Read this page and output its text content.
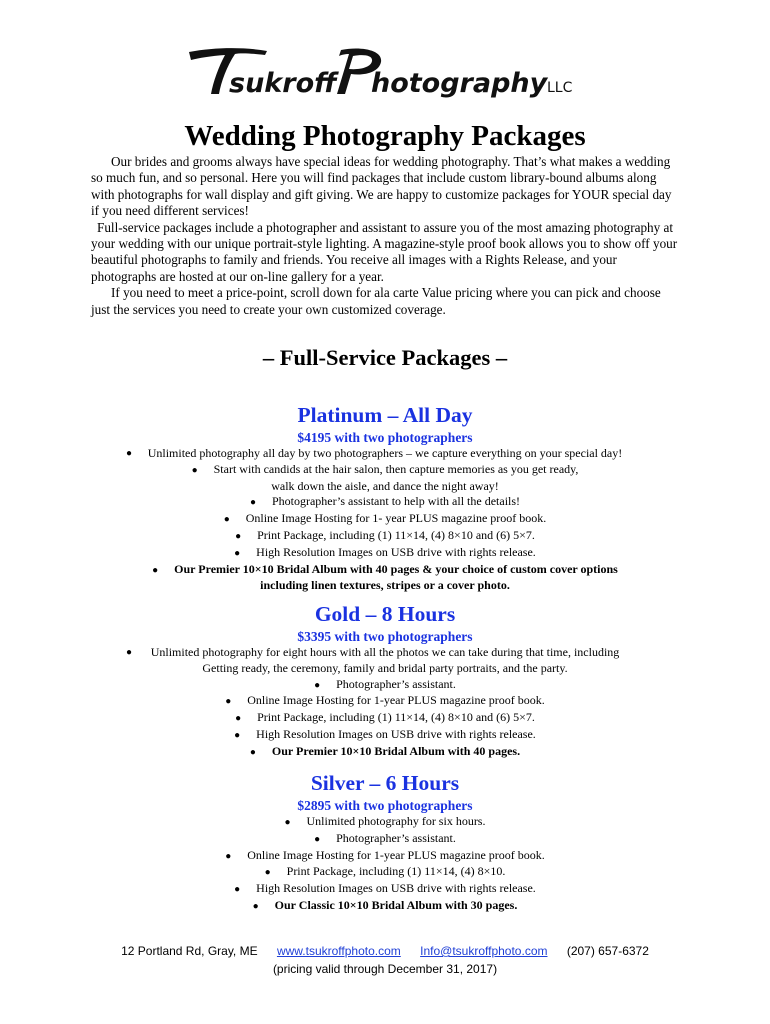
sukroff hotography LLC
Wedding Photography Packages

Our brides and grooms always have special ideas for wedding photography. That’s what makes a wedding so much fun, and so personal. Here you will find packages that include custom library-bound albums along with photographs for wall display and gift giving. We are happy to customize packages for YOUR special day if you need different services!

Full-service packages include a photographer and assistant to assure you of the most amazing photography at your wedding with our unique portrait-style lighting. A magazine-style proof book allows you to show off your beautiful photographs to family and friends. You receive all images with a Rights Release, and your photographs are hosted at our on-line gallery for a year.

If you need to meet a price-point, scroll down for ala carte Value pricing where you can pick and choose just the services you need to create your own customized coverage.

– Full-Service Packages –
Platinum – All Day
$4195 with two photographers
●	Unlimited photography all day by two photographers – we capture everything on your special day!
● Start with candids at the hair salon, then capture memories as you get ready,
walk down the aisle, and dance the night away!
● Photographer’s assistant to help with all the details!
● Online Image Hosting for 1- year PLUS magazine proof book.
● Print Package, including (1) 11×14, (4) 8×10 and (6) 5×7.
● High Resolution Images on USB drive with rights release.
● Our Premier 10×10 Bridal Album with 40 pages & your choice of custom cover options
including linen textures, stripes or a cover photo.
Gold – 8 Hours
$3395 with two photographers
●	Unlimited photography for eight hours with all the photos we can take during that time, including
Getting ready, the ceremony, family and bridal party portraits, and the party.
● Photographer’s assistant.
● Online Image Hosting for 1-year PLUS magazine proof book.
● Print Package, including (1) 11×14, (4) 8×10 and (6) 5×7.
● High Resolution Images on USB drive with rights release.
● Our Premier 10×10 Bridal Album with 40 pages.
Silver – 6 Hours
$2895 with two photographers
● Unlimited photography for six hours.
● Photographer’s assistant.
● Online Image Hosting for 1-year PLUS magazine proof book.
● Print Package, including (1) 11×14, (4) 8×10.
● High Resolution Images on USB drive with rights release.
● Our Classic 10×10 Bridal Album with 30 pages.
12 Portland Rd, Gray, ME www.tsukroffphoto.com Info@tsukroffphoto.com (207) 657-6372
(pricing valid through December 31, 2017)
